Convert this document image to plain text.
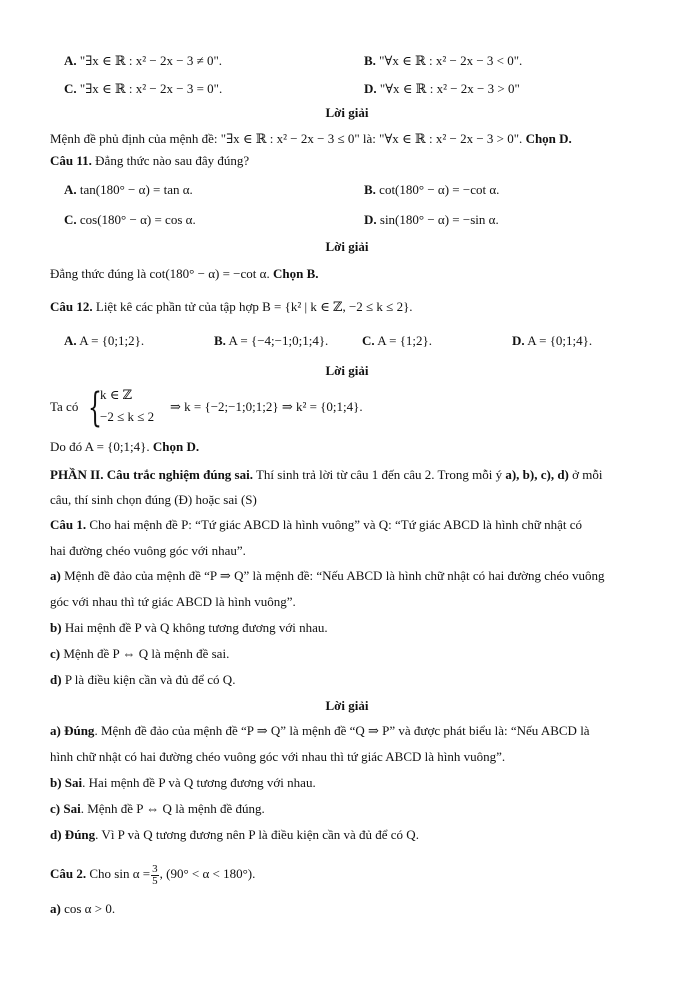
A. "∃x ∈ ℝ : x² − 2x − 3 ≠ 0".	B. "∀x ∈ ℝ : x² − 2x − 3 < 0".
C. "∃x ∈ ℝ : x² − 2x − 3 = 0".	D. "∀x ∈ ℝ : x² − 2x − 3 > 0"
Lời giải
Mệnh đề phủ định của mệnh đề: "∃x ∈ ℝ : x² − 2x − 3 ≤ 0" là: "∀x ∈ ℝ : x² − 2x − 3 > 0". Chọn D.
Câu 11. Đẳng thức nào sau đây đúng?
A. tan(180° − α) = tan α.	B. cot(180° − α) = −cot α.
C. cos(180° − α) = cos α.	D. sin(180° − α) = −sin α.
Lời giải
Đẳng thức đúng là cot(180° − α) = −cot α. Chọn B.
Câu 12. Liệt kê các phần tử của tập hợp B = {k² | k ∈ ℤ, −2 ≤ k ≤ 2}.
A. A = {0;1;2}.	B. A = {−4;−1;0;1;4}.	C. A = {1;2}.	D. A = {0;1;4}.
Lời giải
Ta có {
k ∈ ℤ
−2 ≤ k ≤ 2
⇒ k = {−2;−1;0;1;2} ⇒ k² = {0;1;4}.
Do đó A = {0;1;4}. Chọn D.
PHẦN II. Câu trắc nghiệm đúng sai. Thí sinh trả lời từ câu 1 đến câu 2. Trong mỗi ý a), b), c), d) ở mỗi
câu, thí sinh chọn đúng (Đ) hoặc sai (S)
Câu 1. Cho hai mệnh đề P: “Tứ giác ABCD là hình vuông” và Q: “Tứ giác ABCD là hình chữ nhật có
hai đường chéo vuông góc với nhau”.
a) Mệnh đề đảo của mệnh đề “P ⇒ Q” là mệnh đề: “Nếu ABCD là hình chữ nhật có hai đường chéo vuông
góc với nhau thì tứ giác ABCD là hình vuông”.
b) Hai mệnh đề P và Q không tương đương với nhau.
c) Mệnh đề P ⇔ Q là mệnh đề sai.
d) P là điều kiện cần và đủ để có Q.
Lời giải
a) Đúng. Mệnh đề đảo của mệnh đề “P ⇒ Q” là mệnh đề “Q ⇒ P” và được phát biểu là: “Nếu ABCD là
hình chữ nhật có hai đường chéo vuông góc với nhau thì tứ giác ABCD là hình vuông”.
b) Sai. Hai mệnh đề P và Q tương đương với nhau.
c) Sai. Mệnh đề P ⇔ Q là mệnh đề đúng.
d) Đúng. Vì P và Q tương đương nên P là điều kiện cần và đủ để có Q.
Câu 2. Cho $\sin \alpha = \frac{3}{5}$ , (90° < α < 180°).
a) cos α > 0.
